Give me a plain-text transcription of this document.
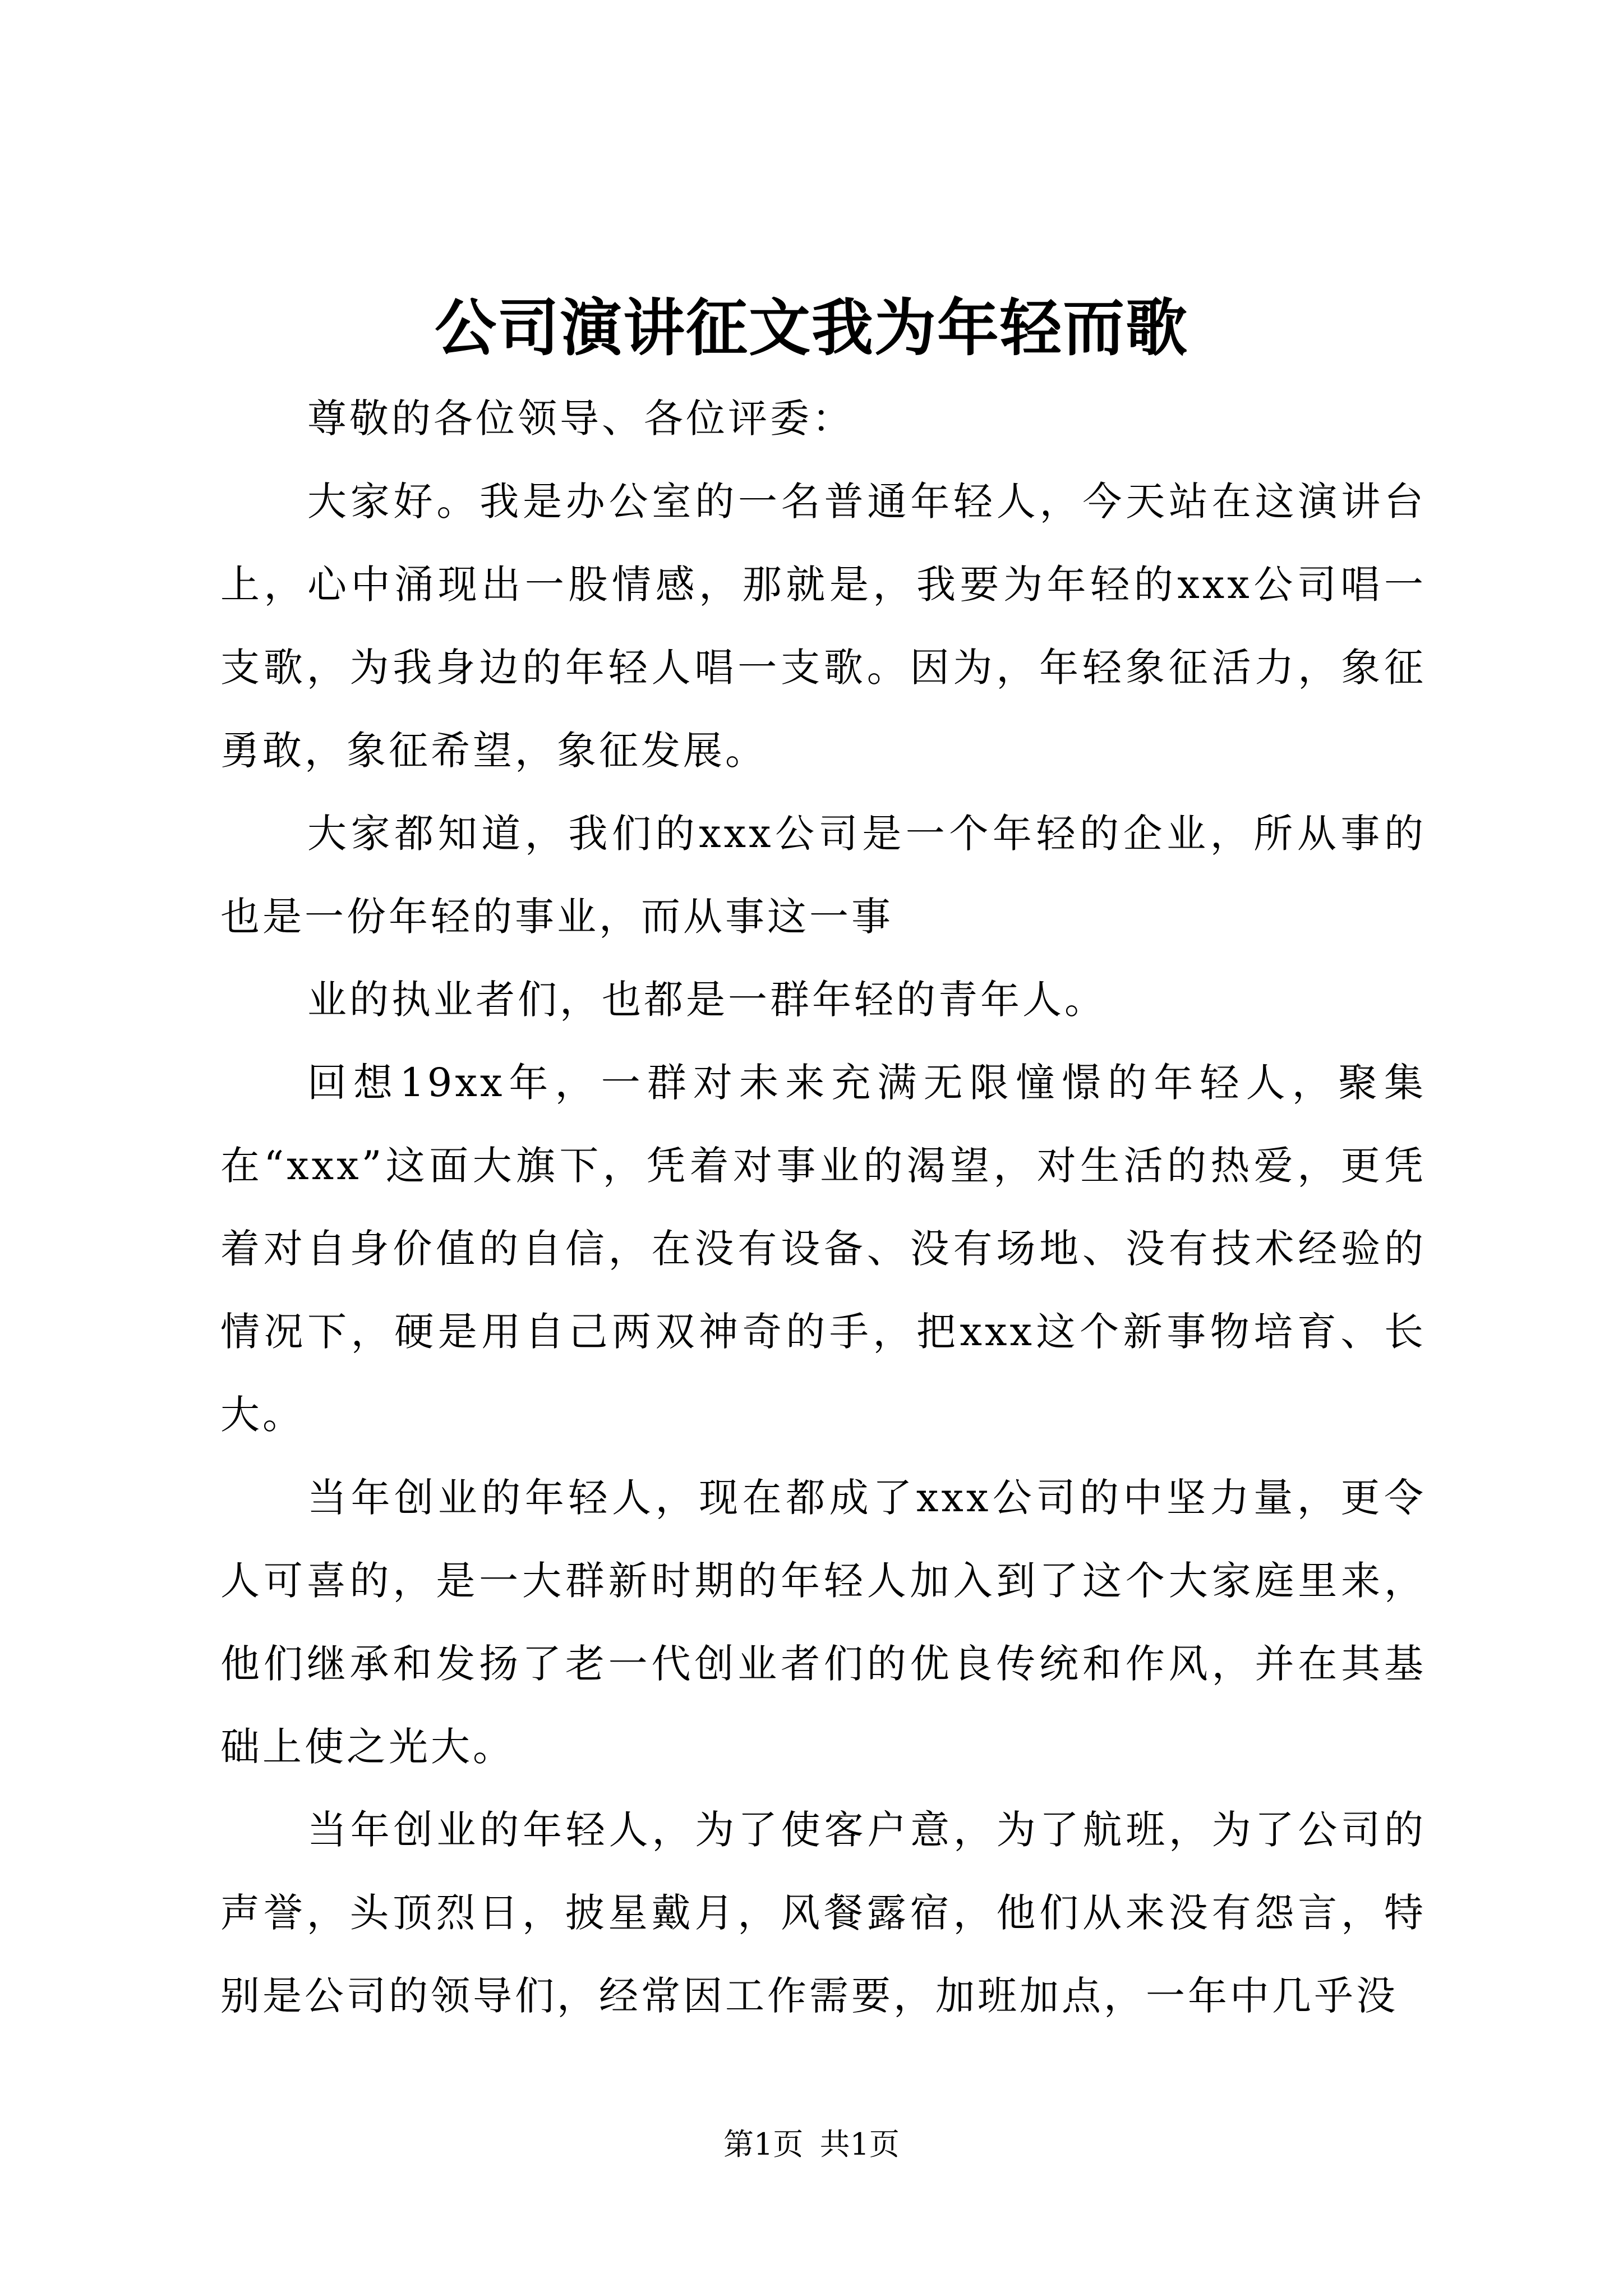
公司演讲征文我为年轻而歌

尊敬的各位领导、各位评委：

大家好。我是办公室的一名普通年轻人，今天站在这演讲台上，心中涌现出一股情感，那就是，我要为年轻的xxx公司唱一支歌，为我身边的年轻人唱一支歌。因为，年轻象征活力，象征勇敢，象征希望，象征发展。

大家都知道，我们的xxx公司是一个年轻的企业，所从事的也是一份年轻的事业，而从事这一事

业的执业者们，也都是一群年轻的青年人。

回想19xx年，一群对未来充满无限憧憬的年轻人，聚集在“xxx”这面大旗下，凭着对事业的渴望，对生活的热爱，更凭着对自身价值的自信，在没有设备、没有场地、没有技术经验的情况下，硬是用自己两双神奇的手，把xxx这个新事物培育、长大。

当年创业的年轻人，现在都成了xxx公司的中坚力量，更令人可喜的，是一大群新时期的年轻人加入到了这个大家庭里来，他们继承和发扬了老一代创业者们的优良传统和作风，并在其基础上使之光大。

当年创业的年轻人，为了使客户意，为了航班，为了公司的声誉，头顶烈日，披星戴月，风餐露宿，他们从来没有怨言，特别是公司的领导们，经常因工作需要，加班加点，一年中几乎没

第1页 共1页
